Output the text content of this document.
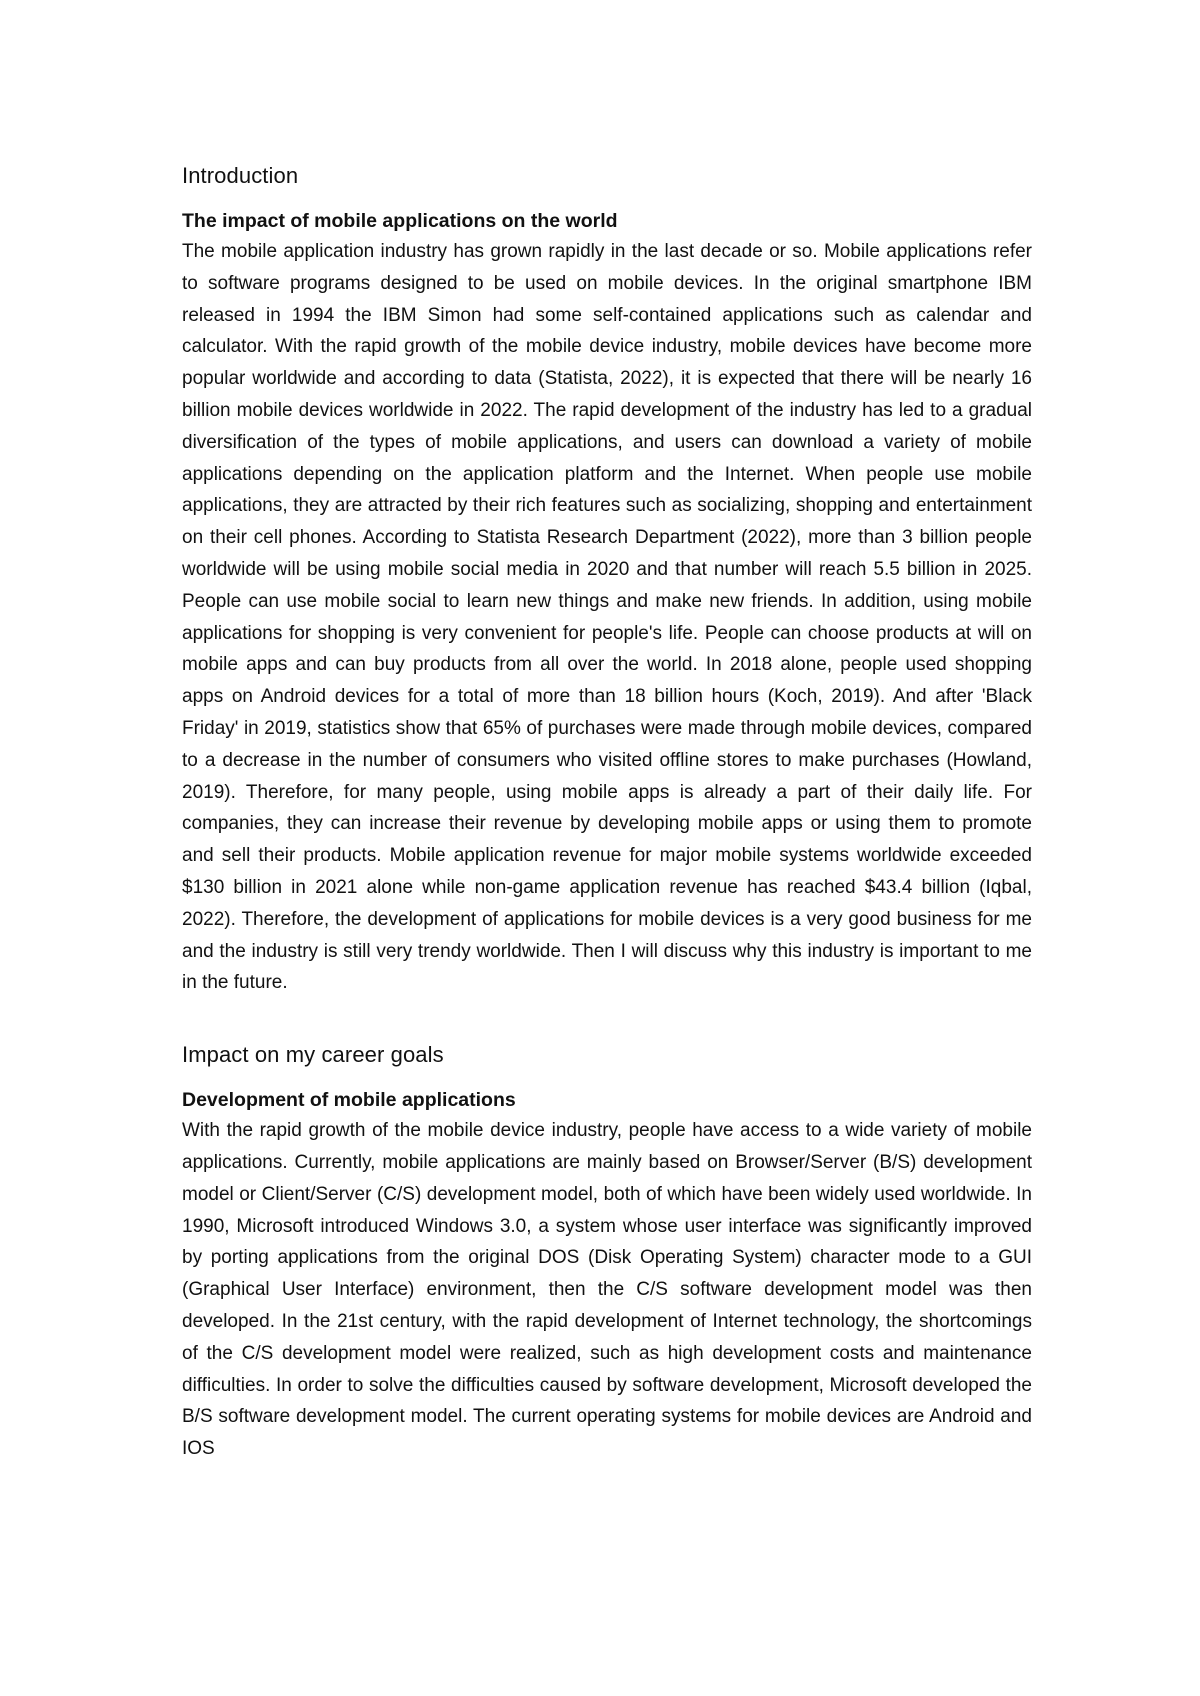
Introduction
The impact of mobile applications on the world

The mobile application industry has grown rapidly in the last decade or so. Mobile applications refer to software programs designed to be used on mobile devices. In the original smartphone IBM released in 1994 the IBM Simon had some self-contained applications such as calendar and calculator. With the rapid growth of the mobile device industry, mobile devices have become more popular worldwide and according to data (Statista, 2022), it is expected that there will be nearly 16 billion mobile devices worldwide in 2022. The rapid development of the industry has led to a gradual diversification of the types of mobile applications, and users can download a variety of mobile applications depending on the application platform and the Internet. When people use mobile applications, they are attracted by their rich features such as socializing, shopping and entertainment on their cell phones. According to Statista Research Department (2022), more than 3 billion people worldwide will be using mobile social media in 2020 and that number will reach 5.5 billion in 2025. People can use mobile social to learn new things and make new friends. In addition, using mobile applications for shopping is very convenient for people's life. People can choose products at will on mobile apps and can buy products from all over the world. In 2018 alone, people used shopping apps on Android devices for a total of more than 18 billion hours (Koch, 2019). And after 'Black Friday' in 2019, statistics show that 65% of purchases were made through mobile devices, compared to a decrease in the number of consumers who visited offline stores to make purchases (Howland, 2019). Therefore, for many people, using mobile apps is already a part of their daily life. For companies, they can increase their revenue by developing mobile apps or using them to promote and sell their products. Mobile application revenue for major mobile systems worldwide exceeded $130 billion in 2021 alone while non-game application revenue has reached $43.4 billion (Iqbal, 2022). Therefore, the development of applications for mobile devices is a very good business for me and the industry is still very trendy worldwide. Then I will discuss why this industry is important to me in the future.

Impact on my career goals
Development of mobile applications

With the rapid growth of the mobile device industry, people have access to a wide variety of mobile applications. Currently, mobile applications are mainly based on Browser/Server (B/S) development model or Client/Server (C/S) development model, both of which have been widely used worldwide. In 1990, Microsoft introduced Windows 3.0, a system whose user interface was significantly improved by porting applications from the original DOS (Disk Operating System) character mode to a GUI (Graphical User Interface) environment, then the C/S software development model was then developed. In the 21st century, with the rapid development of Internet technology, the shortcomings of the C/S development model were realized, such as high development costs and maintenance difficulties. In order to solve the difficulties caused by software development, Microsoft developed the B/S software development model. The current operating systems for mobile devices are Android and IOS
